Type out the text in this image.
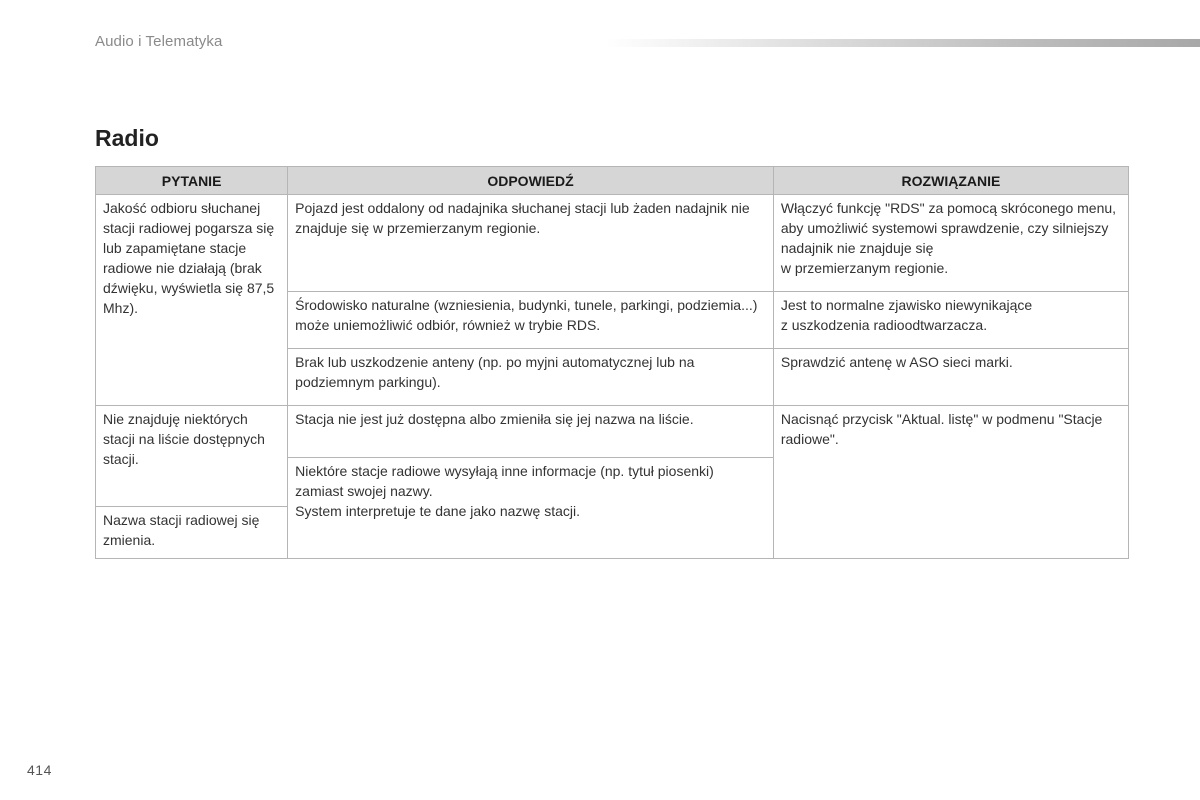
Audio i Telematyka
Radio
PYTANIE	ODPOWIEDŹ	ROZWIĄZANIE
Jakość odbioru słuchanej stacji radiowej pogarsza się lub zapamiętane stacje radiowe nie działają (brak dźwięku, wyświetla się 87,5 Mhz).	Pojazd jest oddalony od nadajnika słuchanej stacji lub żaden nadajnik nie znajduje się w przemierzanym regionie.	Włączyć funkcję "RDS" za pomocą skróconego menu, aby umożliwić systemowi sprawdzenie, czy silniejszy nadajnik nie znajduje się
w przemierzanym regionie.

	Środowisko naturalne (wzniesienia, budynki, tunele, parkingi, podziemia...) może uniemożliwić odbiór, również w trybie RDS.	Jest to normalne zjawisko niewynikające
z uszkodzenia radioodtwarzacza.

	Brak lub uszkodzenie anteny (np. po myjni automatycznej lub na podziemnym parkingu).	Sprawdzić antenę w ASO sieci marki.
Nie znajduję niektórych stacji na liście dostępnych stacji.	Stacja nie jest już dostępna albo zmieniła się jej nazwa na liście.	Nacisnąć przycisk "Aktual. listę" w podmenu "Stacje radiowe".

	Niektóre stacje radiowe wysyłają inne informacje (np. tytuł piosenki) zamiast swojej nazwy.
System interpretuje te dane jako nazwę stacji.	

Nazwa stacji radiowej się zmienia.		
414
